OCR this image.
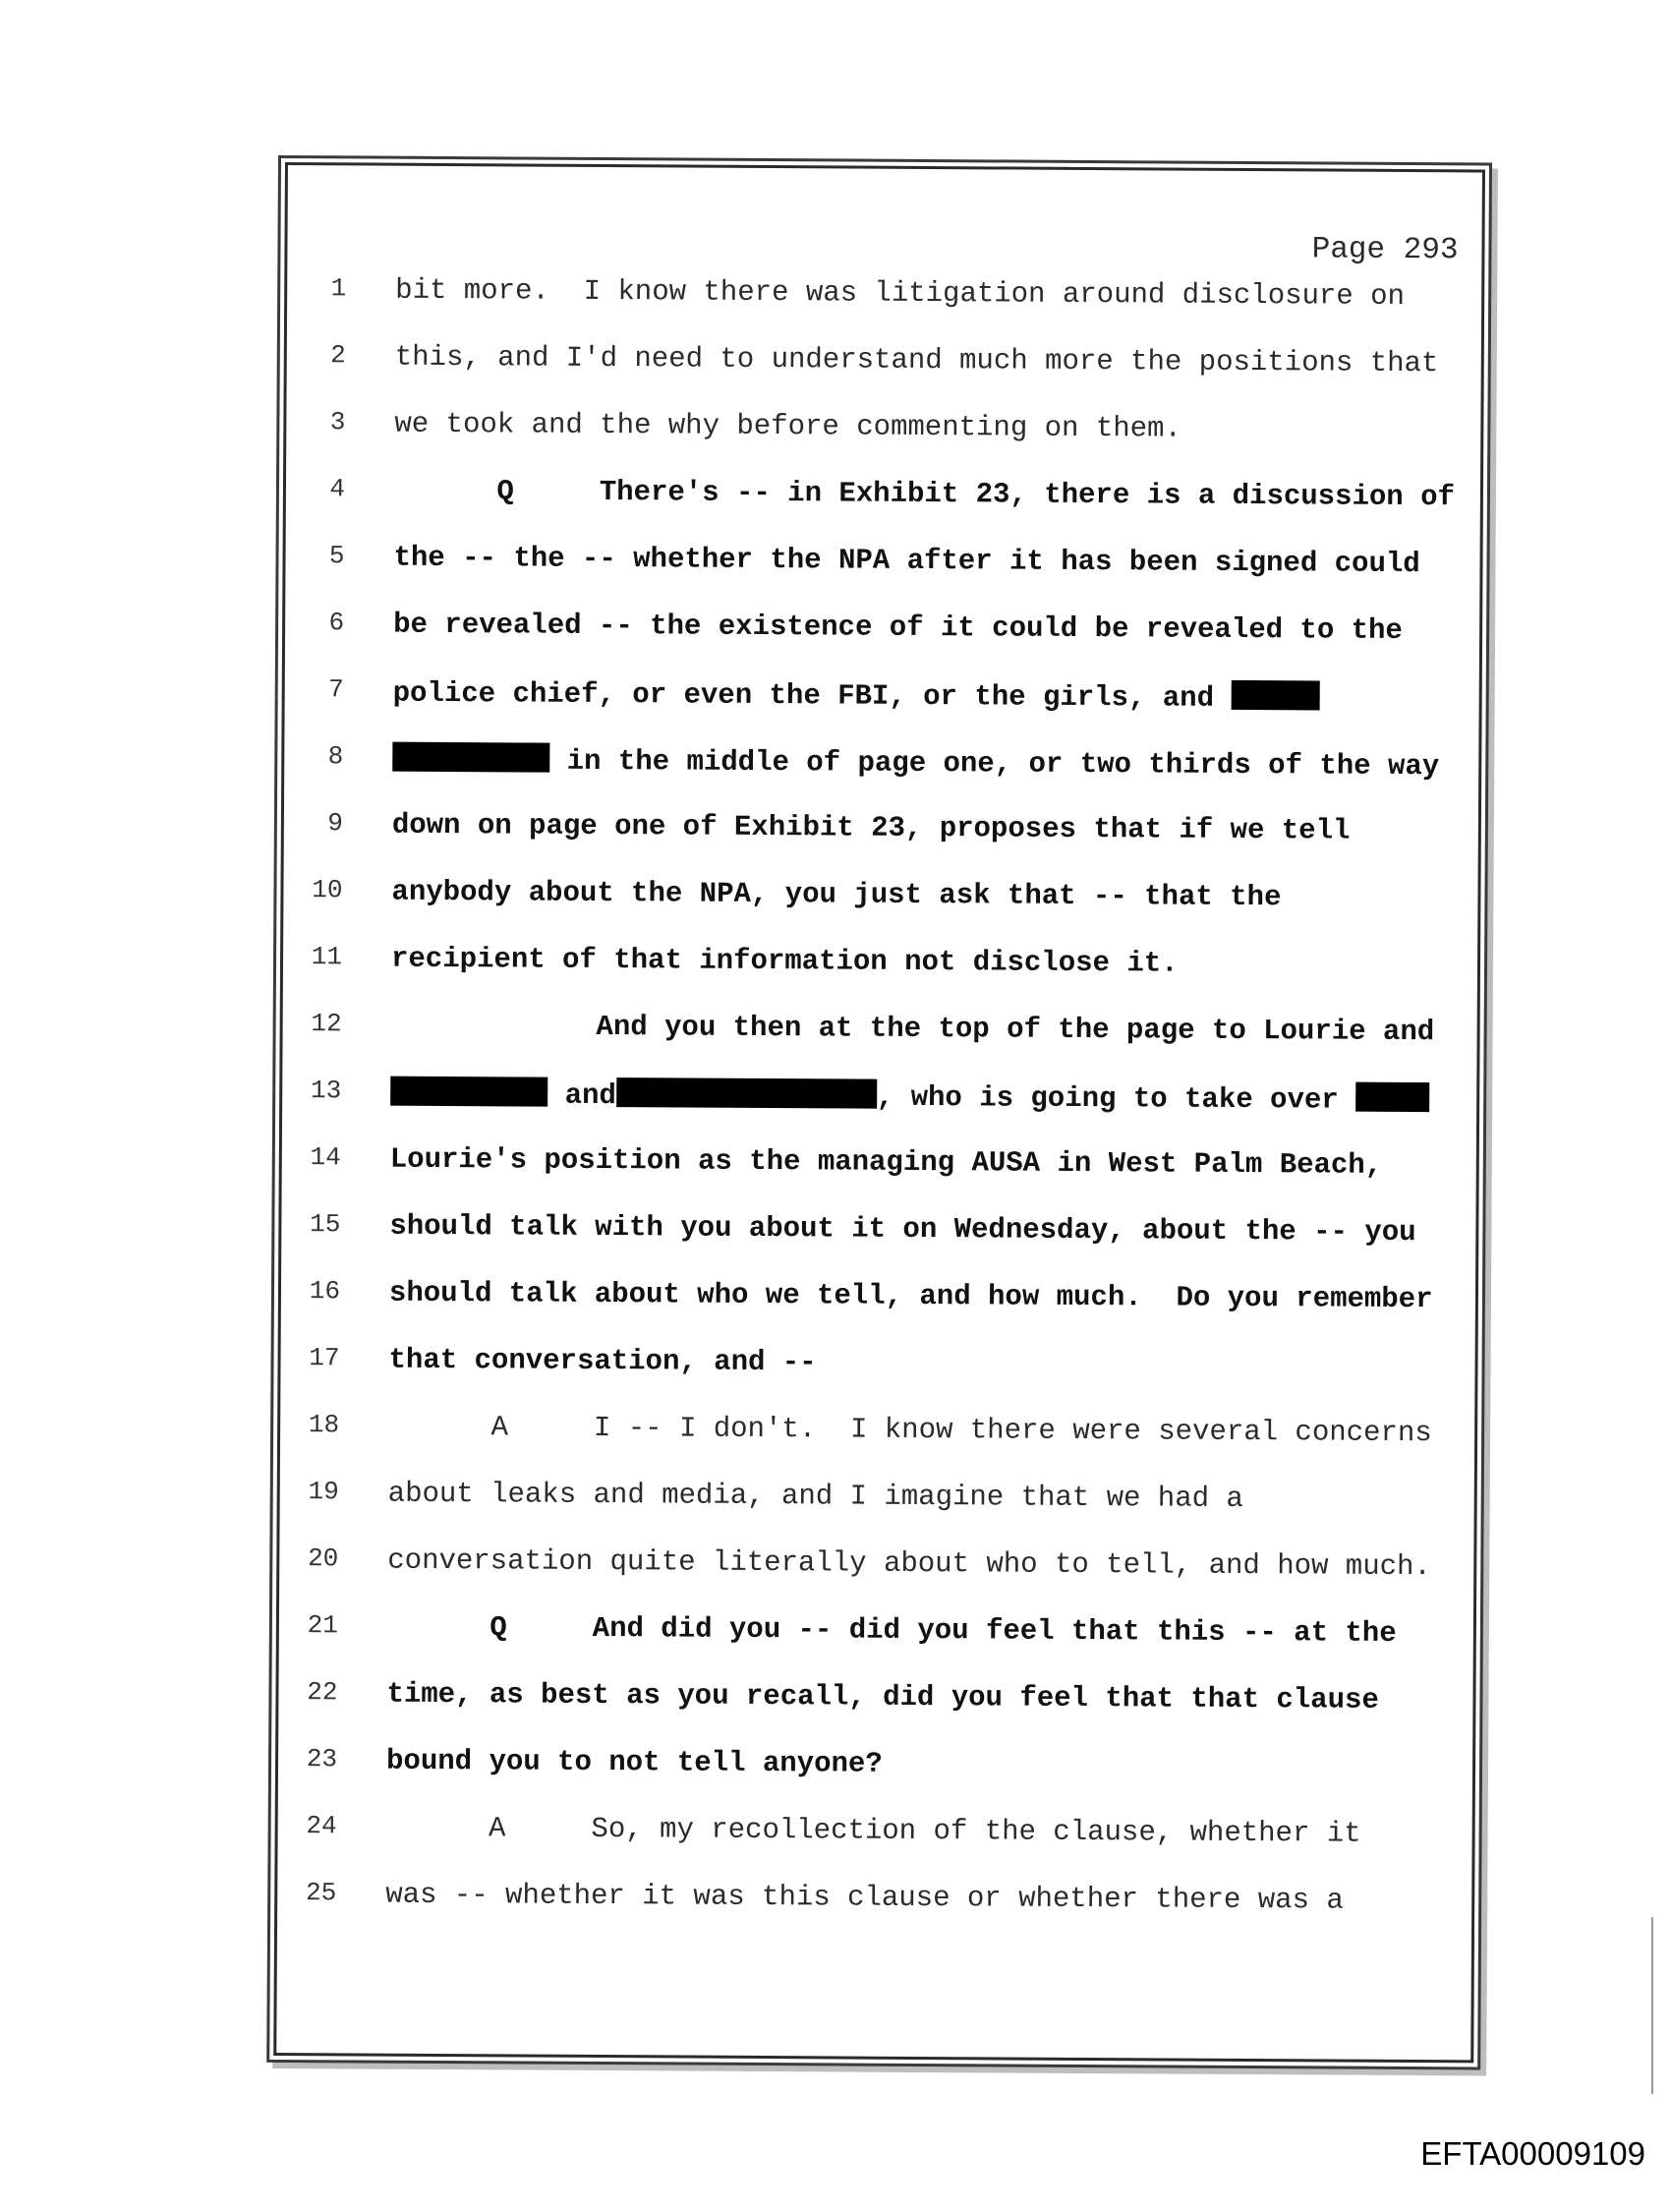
Page 293
1 bit more.  I know there was litigation around disclosure on
2 this, and I'd need to understand much more the positions that
3 we took and the why before commenting on them.
4 Q     There's -- in Exhibit 23, there is a discussion of
5 the -- the -- whether the NPA after it has been signed could
6 be revealed -- the existence of it could be revealed to the
7 police chief, or even the FBI, or the girls, and
8	in the middle of page one, or two thirds of the way
9 down on page one of Exhibit 23, proposes that if we tell
10 anybody about the NPA, you just ask that -- that the
11 recipient of that information not disclose it.
12 And you then at the top of the page to Lourie and
13	and	, who is going to take over
14 Lourie's position as the managing AUSA in West Palm Beach,
15 should talk with you about it on Wednesday, about the -- you
16 should talk about who we tell, and how much.  Do you remember
17 that conversation, and --
18 A     I -- I don't.  I know there were several concerns
19 about leaks and media, and I imagine that we had a
20 conversation quite literally about who to tell, and how much.
21 Q     And did you -- did you feel that this -- at the
22 time, as best as you recall, did you feel that that clause
23 bound you to not tell anyone?
24 A     So, my recollection of the clause, whether it
25 was -- whether it was this clause or whether there was a
EFTA00009109
